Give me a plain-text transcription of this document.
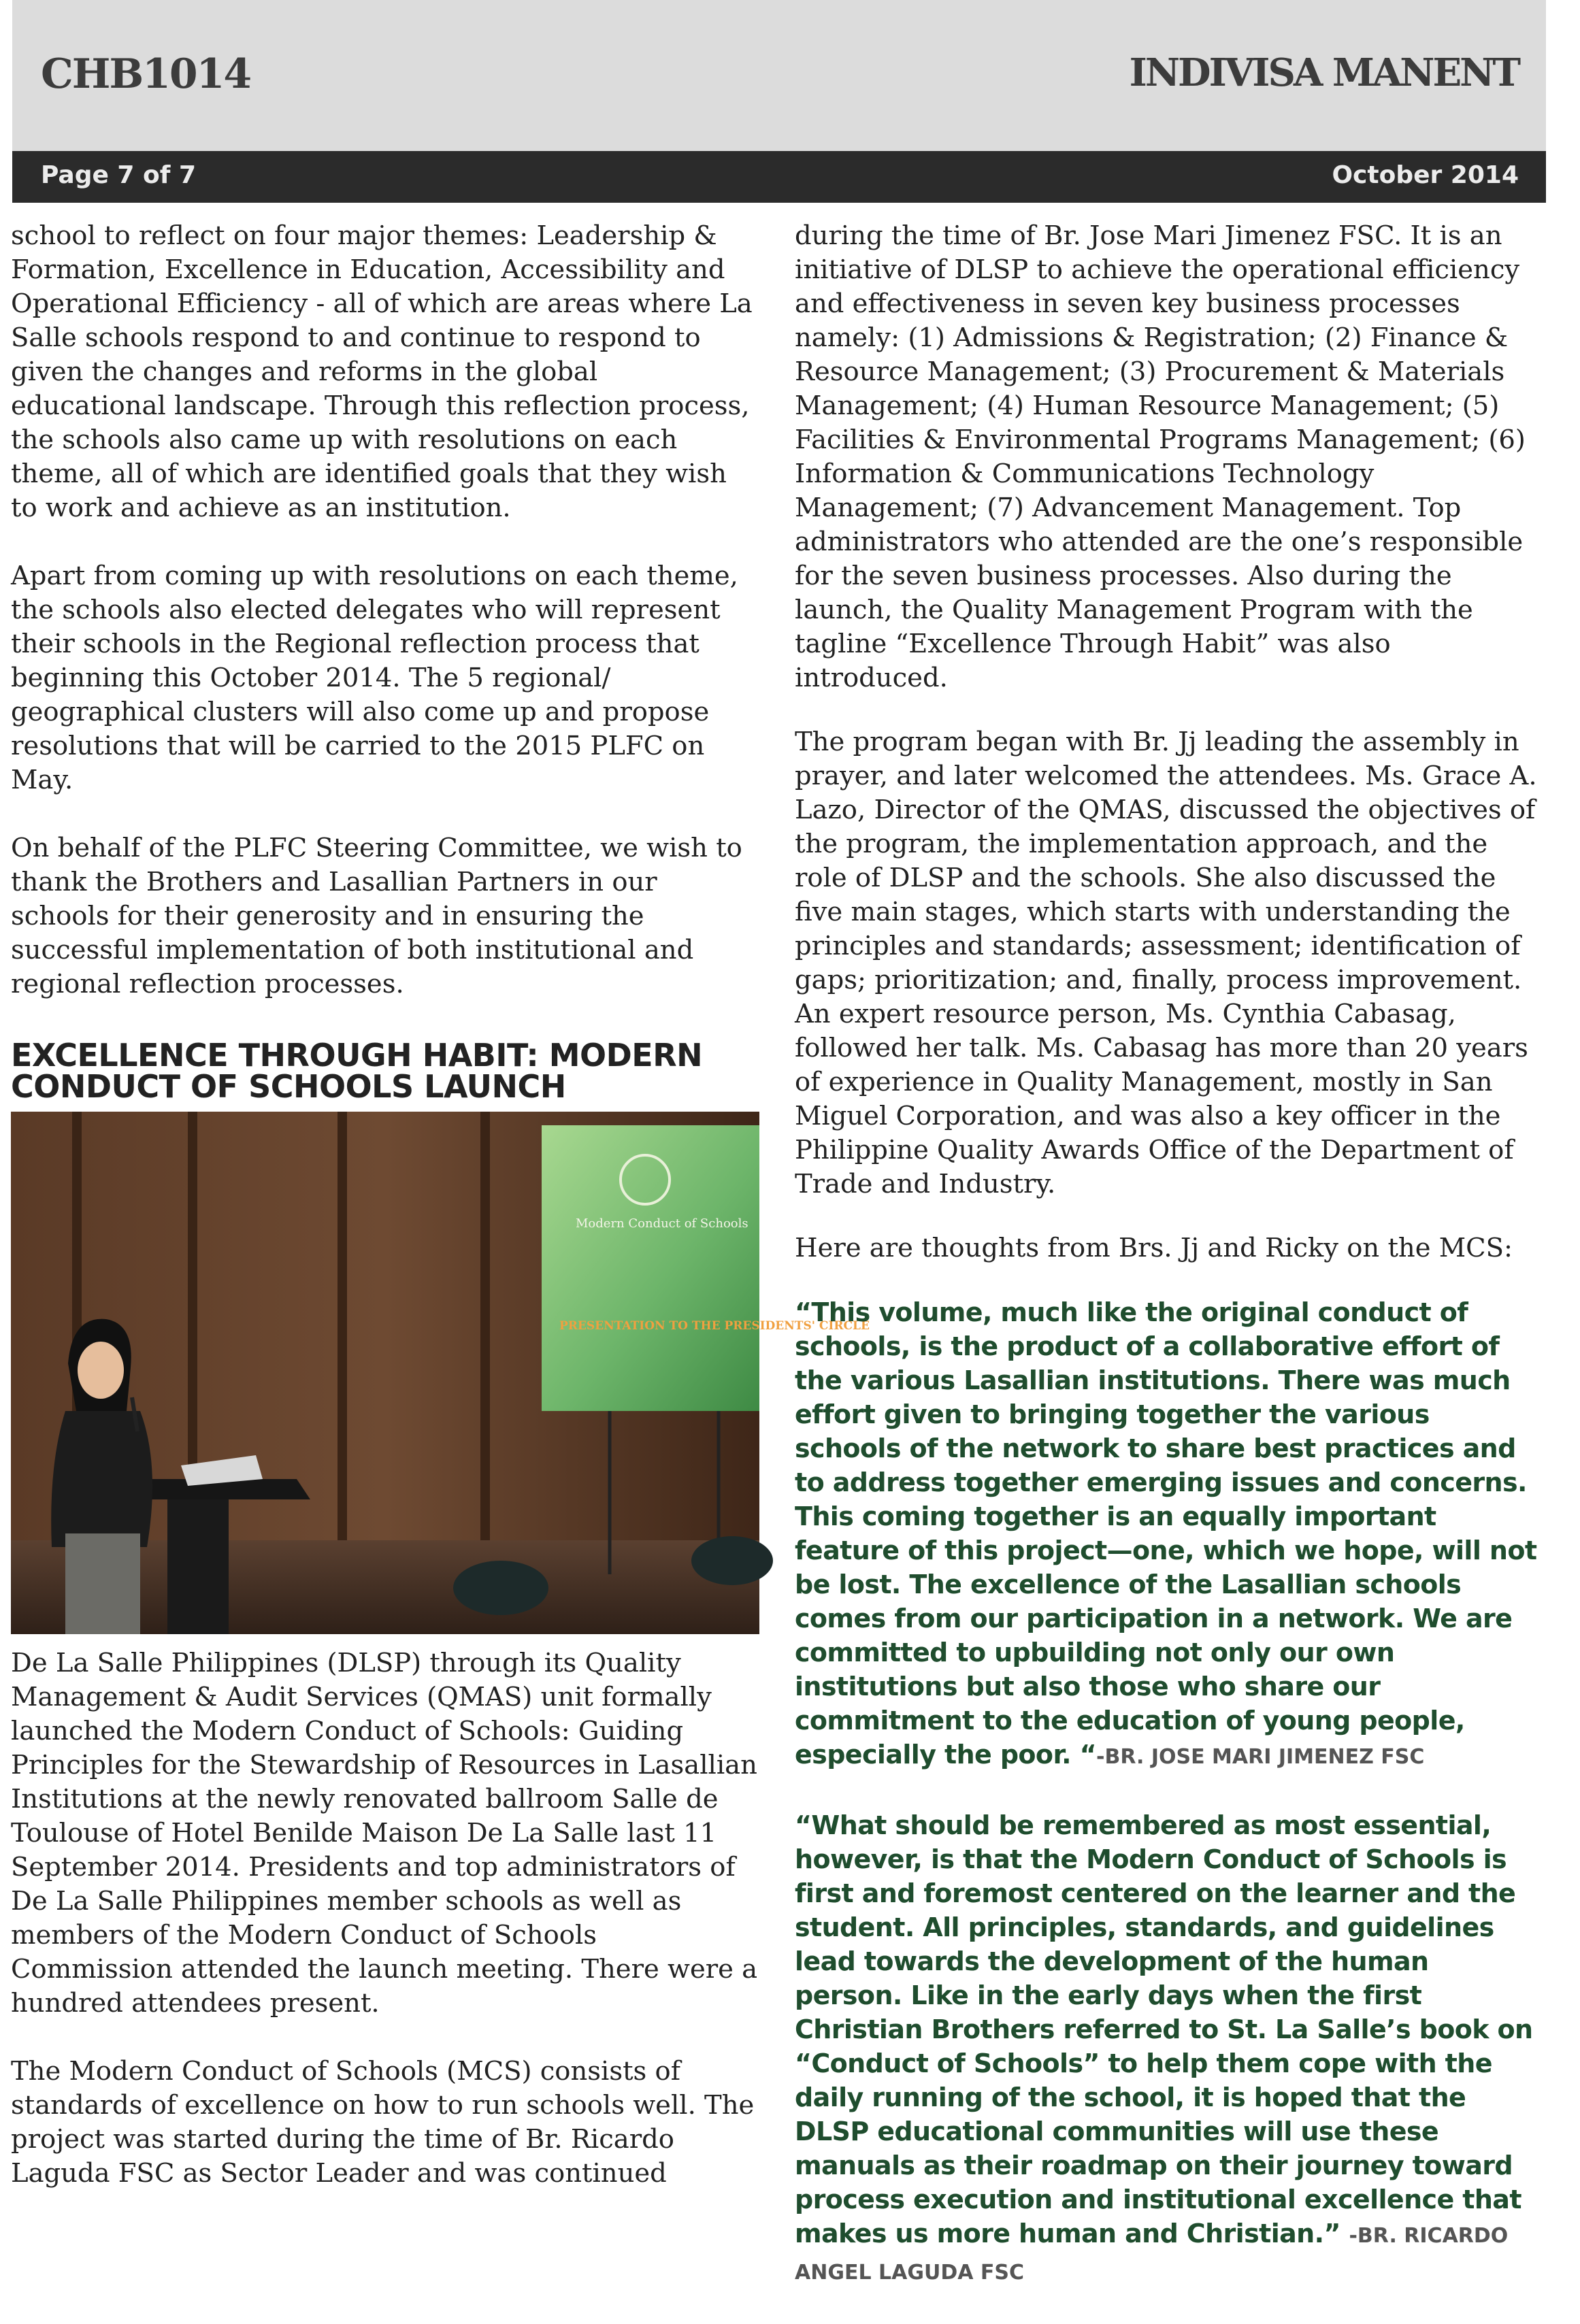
CHB1014	INDIVISA MANENT
Page 7 of 7	October 2014

school to reflect on four major themes: Leadership & Formation, Excellence in Education, Accessibility and Operational Efficiency - all of which are areas where La Salle schools respond to and continue to respond to given the changes and reforms in the global educational landscape. Through this reflection process, the schools also came up with resolutions on each theme, all of which are identified goals that they wish to work and achieve as an institution.

Apart from coming up with resolutions on each theme, the schools also elected delegates who will represent their schools in the Regional reflection process that beginning this October 2014. The 5 regional/ geographical clusters will also come up and propose resolutions that will be carried to the 2015 PLFC on May.

On behalf of the PLFC Steering Committee, we wish to thank the Brothers and Lasallian Partners in our schools for their generosity and in ensuring the successful implementation of both institutional and regional reflection processes.

EXCELLENCE THROUGH HABIT: MODERN CONDUCT OF SCHOOLS LAUNCH
Modern Conduct of Schools
PRESENTATION TO THE PRESIDENTS' CIRCLE

De La Salle Philippines (DLSP) through its Quality Management & Audit Services (QMAS) unit formally launched the Modern Conduct of Schools: Guiding Principles for the Stewardship of Resources in Lasallian Institutions at the newly renovated ballroom Salle de Toulouse of Hotel Benilde Maison De La Salle last 11 September 2014. Presidents and top administrators of De La Salle Philippines member schools as well as members of the Modern Conduct of Schools Commission attended the launch meeting. There were a hundred attendees present.

The Modern Conduct of Schools (MCS) consists of standards of excellence on how to run schools well. The project was started during the time of Br. Ricardo Laguda FSC as Sector Leader and was continued

during the time of Br. Jose Mari Jimenez FSC. It is an initiative of DLSP to achieve the operational efficiency and effectiveness in seven key business processes namely: (1) Admissions & Registration; (2) Finance & Resource Management; (3) Procurement & Materials Management; (4) Human Resource Management; (5) Facilities & Environmental Programs Management; (6) Information & Communications Technology Management; (7) Advancement Management. Top administrators who attended are the one’s responsible for the seven business processes. Also during the launch, the Quality Management Program with the tagline “Excellence Through Habit” was also introduced.

The program began with Br. Jj leading the assembly in prayer, and later welcomed the attendees. Ms. Grace A. Lazo, Director of the QMAS, discussed the objectives of the program, the implementation approach, and the role of DLSP and the schools. She also discussed the five main stages, which starts with understanding the principles and standards; assessment; identification of gaps; prioritization; and, finally, process improvement. An expert resource person, Ms. Cynthia Cabasag, followed her talk. Ms. Cabasag has more than 20 years of experience in Quality Management, mostly in San Miguel Corporation, and was also a key officer in the Philippine Quality Awards Office of the Department of Trade and Industry.

Here are thoughts from Brs. Jj and Ricky on the MCS:

“This volume, much like the original conduct of schools, is the product of a collaborative effort of the various Lasallian institutions. There was much effort given to bringing together the various schools of the network to share best practices and to address together emerging issues and concerns. This coming together is an equally important feature of this project—one, which we hope, will not be lost. The excellence of the Lasallian schools comes from our participation in a network. We are committed to upbuilding not only our own institutions but also those who share our commitment to the education of young people, especially the poor. “-BR. JOSE MARI JIMENEZ FSC

“What should be remembered as most essential, however, is that the Modern Conduct of Schools is first and foremost centered on the learner and the student. All principles, standards, and guidelines lead towards the development of the human person. Like in the early days when the first Christian Brothers referred to St. La Salle’s book on “Conduct of Schools” to help them cope with the daily running of the school, it is hoped that the DLSP educational communities will use these manuals as their roadmap on their journey toward process execution and institutional excellence that makes us more human and Christian.” -BR. RICARDO ANGEL LAGUDA FSC
